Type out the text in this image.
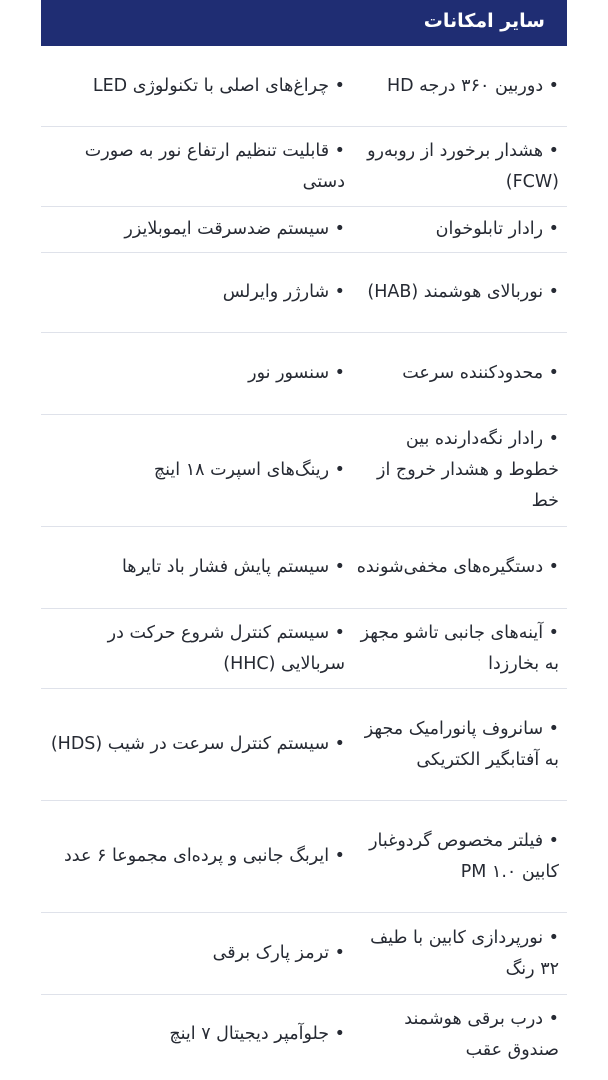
سایر امکانات
• دوربین ۳۶۰ درجه HD
• چراغ‌های اصلی با تکنولوژی LED
• هشدار برخورد از روبه‌رو (FCW)
• قابلیت تنظیم ارتفاع نور به صورت دستی
• رادار تابلوخوان
• سیستم ضدسرقت ایموبلایزر
• نوربالای هوشمند (HAB)
• شارژر وایرلس
• محدودکننده سرعت
• سنسور نور
• رادار نگه‌دارنده بین خطوط و هشدار خروج از خط
• رینگ‌های اسپرت ۱۸ اینچ
• دستگیره‌های مخفی‌شونده
• سیستم پایش فشار باد تایرها
• آینه‌های جانبی تاشو مجهز به بخارزدا
• سیستم کنترل شروع حرکت در سربالایی (HHC)
• سانروف پانورامیک مجهز به آفتابگیر الکتریکی
• سیستم کنترل سرعت در شیب (HDS)
• فیلتر مخصوص گردوغبار کابین PM ۱.۰
• ایربگ جانبی و پرده‌ای مجموعا ۶ عدد
• نورپردازی کابین با طیف ۳۲ رنگ
• ترمز پارک برقی
• درب برقی هوشمند صندوق عقب
• جلوآمپر دیجیتال ۷ اینچ
